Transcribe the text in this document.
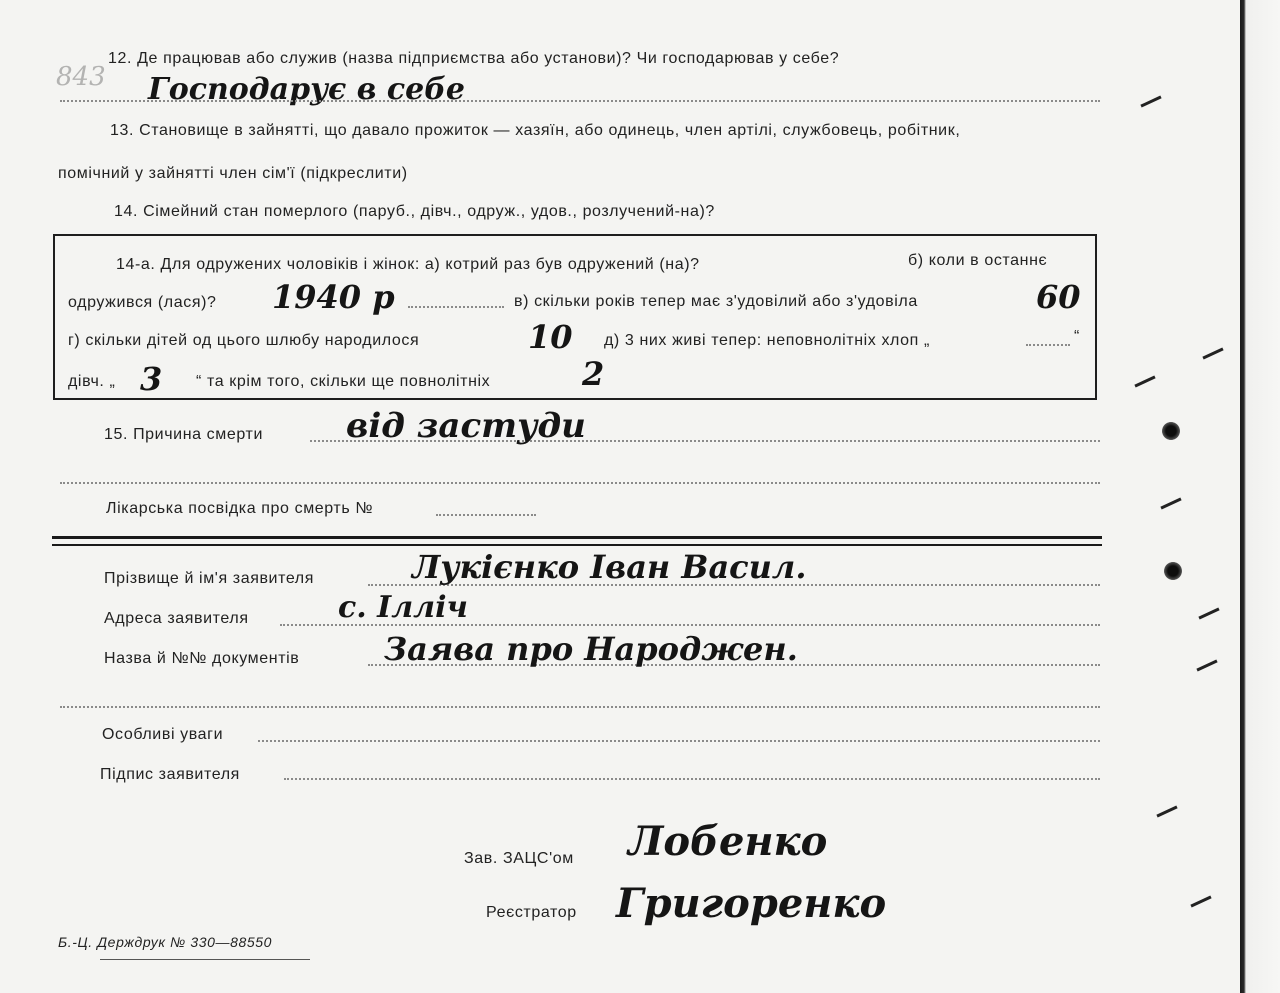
843
12. Де працював або служив (назва підприємства або установи)? Чи господарював у себе?
Господарує в себе
13. Становище в зайнятті, що давало прожиток — хазяїн, або одинець, член артілі, службовець, робітник,
помічний у зайнятті член сім'ї (підкреслити)
14. Сімейний стан померлого (паруб., дівч., одруж., удов., розлучений-на)?
14-а. Для одружених чоловіків і жінок: а) котрий раз був одружений (на)?	б) коли в останнє
одружився (лася)? 1940 р	в) скільки років тепер має з'удовілий або з'удовіла	60
г) скільки дітей од цього шлюбу народилося	10 д) 3 них живі тепер: неповнолітніх хлоп „	“
дівч. „ 3 “ та крім того, скільки ще повнолітніх	2
15. Причина смерти від застуди
Лікарська посвідка про смерть №
Прізвище й ім'я заявителя	Лукієнко Іван Васил.
Адреса заявителя	с. Ілліч
Назва й №№ документів	Заява про Народжен.
Особливі уваги
Підпис заявителя
Зав. ЗАЦС'ом Лобенко
Реєстратор Григоренко
Б.-Ц. Держдрук № 330—88550
